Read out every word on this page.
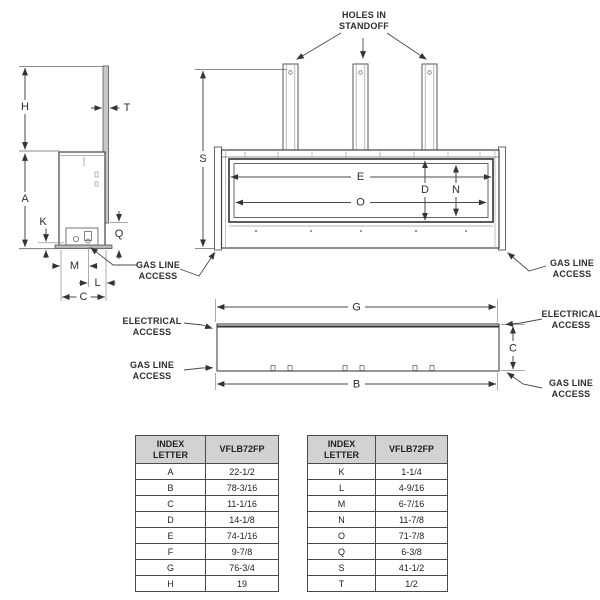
H
A
T
K
Q
M
L
C
GAS LINE
ACCESS
S
E
O
D N
HOLES IN
STANDOFF
GAS LINE
ACCESS
G
B
C
ELECTRICAL
ACCESS
GAS LINE
ACCESS
ELECTRICAL
ACCESS
GAS LINE
ACCESS
INDEX
LETTER	VFLB72FP
A	22-1/2
B	78-3/16
C	11-1/16
D	14-1/8
E	74-1/16
F	9-7/8
G	76-3/4
H	19
INDEX
LETTER	VFLB72FP
K	1-1/4
L	4-9/16
M	6-7/16
N	11-7/8
O	71-7/8
Q	6-3/8
S	41-1/2
T	1/2
